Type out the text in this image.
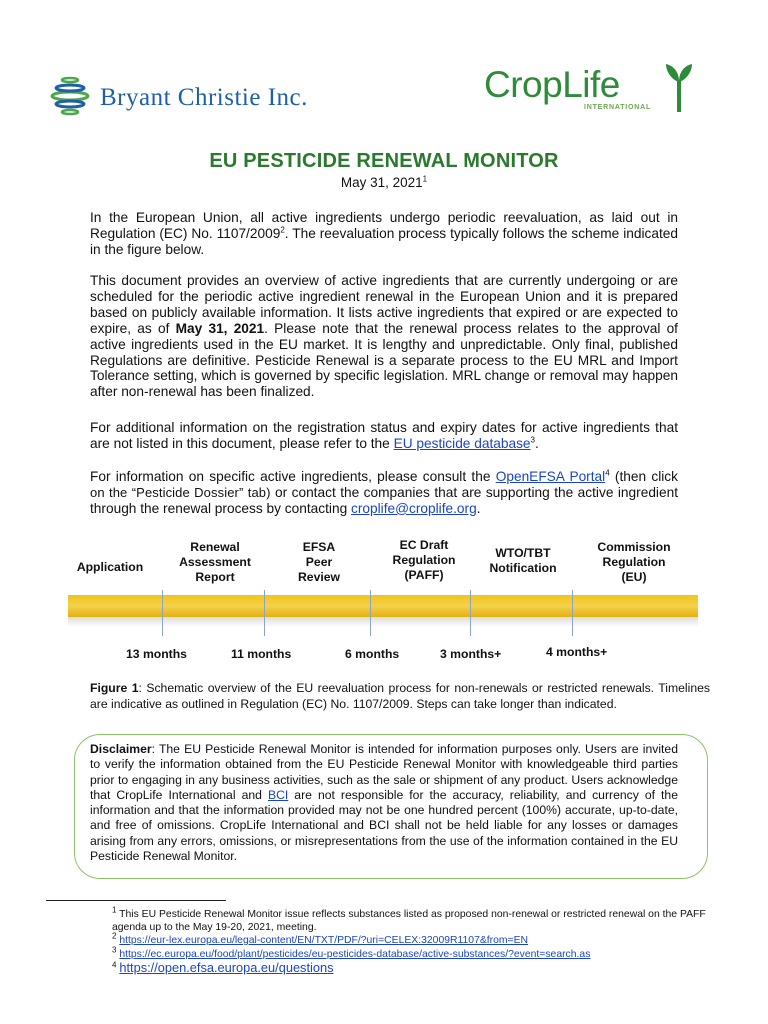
Bryant Christie Inc.	CropLife
INTERNATIONAL
EU PESTICIDE RENEWAL MONITOR
May 31, 2021$^1$
In the European Union, all active ingredients undergo periodic reevaluation, as laid out in Regulation (EC) No. 1107/2009$^2$. The reevaluation process typically follows the scheme indicated in the figure below.
This document provides an overview of active ingredients that are currently undergoing or are scheduled for the periodic active ingredient renewal in the European Union and it is prepared based on publicly available information. It lists active ingredients that expired or are expected to expire, as of May 31, 2021. Please note that the renewal process relates to the approval of active ingredients used in the EU market. It is lengthy and unpredictable. Only final, published Regulations are definitive. Pesticide Renewal is a separate process to the EU MRL and Import Tolerance setting, which is governed by specific legislation. MRL change or removal may happen after non-renewal has been finalized.
For additional information on the registration status and expiry dates for active ingredients that are not listed in this document, please refer to the EU pesticide database$^3$.
For information on specific active ingredients, please consult the OpenEFSA Portal$^4$ (then click on the “Pesticide Dossier” tab) or contact the companies that are supporting the active ingredient through the renewal process by contacting croplife@croplife.org.
Application
Renewal
Assessment
Report
EFSA
Peer
Review
EC Draft
Regulation
(PAFF)
WTO/TBT
Notification
Commission
Regulation
(EU)
13 months	11 months	6 months	3 months+	4 months+
Figure 1: Schematic overview of the EU reevaluation process for non-renewals or restricted renewals. Timelines are indicative as outlined in Regulation (EC) No. 1107/2009. Steps can take longer than indicated.
Disclaimer: The EU Pesticide Renewal Monitor is intended for information purposes only. Users are invited to verify the information obtained from the EU Pesticide Renewal Monitor with knowledgeable third parties prior to engaging in any business activities, such as the sale or shipment of any product. Users acknowledge that CropLife International and BCI are not responsible for the accuracy, reliability, and currency of the information and that the information provided may not be one hundred percent (100%) accurate, up-to-date, and free of omissions. CropLife International and BCI shall not be held liable for any losses or damages arising from any errors, omissions, or misrepresentations from the use of the information contained in the EU Pesticide Renewal Monitor.
$^1$ This EU Pesticide Renewal Monitor issue reflects substances listed as proposed non-renewal or restricted renewal on the PAFF agenda up to the May 19-20, 2021, meeting.
$^2$ https://eur-lex.europa.eu/legal-content/EN/TXT/PDF/?uri=CELEX:32009R1107&from=EN
$^3$ https://ec.europa.eu/food/plant/pesticides/eu-pesticides-database/active-substances/?event=search.as
$^4$ https://open.efsa.europa.eu/questions
